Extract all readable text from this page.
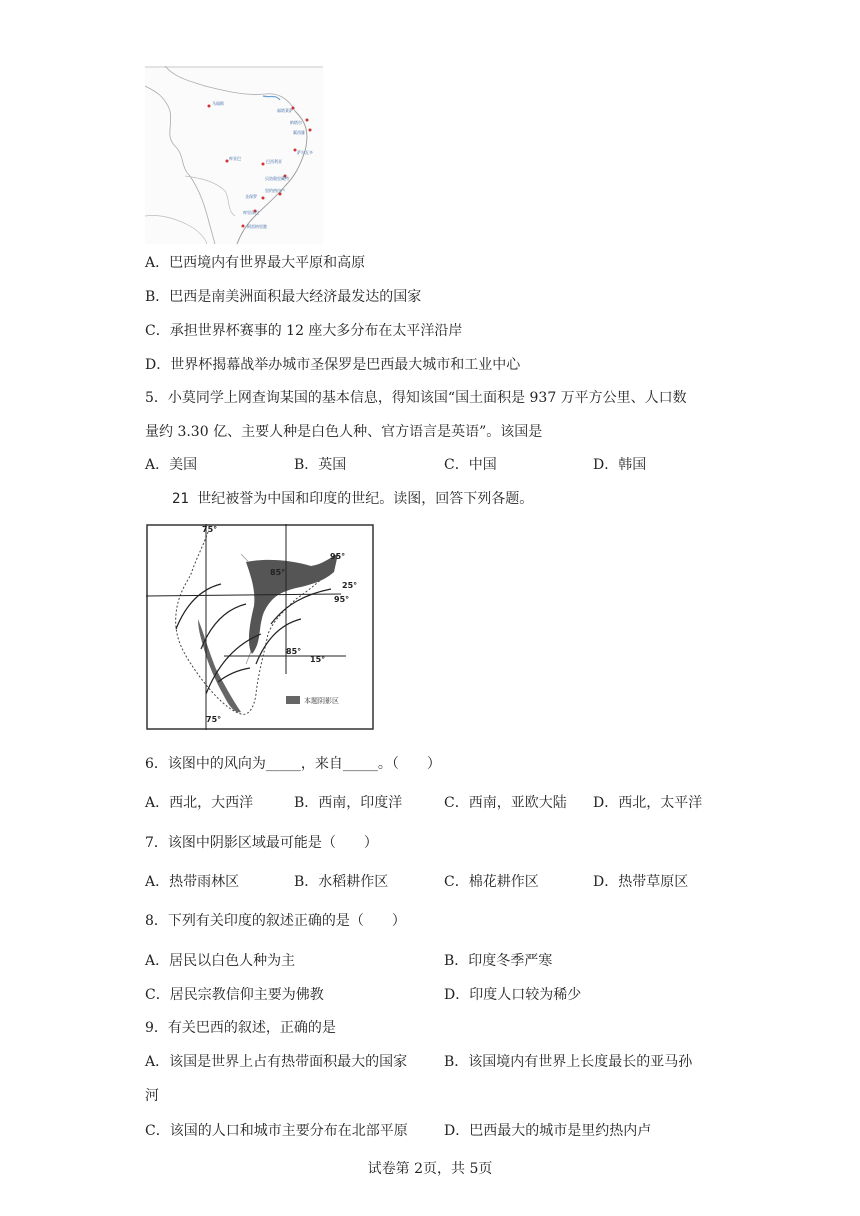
马瑙斯
福塔莱萨
纳塔尔
累西腓
萨尔瓦多
库亚巴
巴西利亚
贝洛奥里藏特
里约热内卢
圣保罗
库里蒂巴
阿雷格里港
A．巴西境内有世界最大平原和高原
B．巴西是南美洲面积最大经济最发达的国家
C．承担世界杯赛事的 12 座大多分布在太平洋沿岸
D．世界杯揭幕战举办城市圣保罗是巴西最大城市和工业中心
5．小莫同学上网查询某国的基本信息，得知该国“国土面积是 937 万平方公里、人口数
量约 3.30 亿、主要人种是白色人种、官方语言是英语”。该国是
A．美国	B．英国	C．中国	D．韩国
21 世纪被誉为中国和印度的世纪。读图，回答下列各题。
75°
85°
95°
25°
95°
85°
15°
75°
本题阴影区
6．该图中的风向为_____，来自_____。（　　）
A．西北，大西洋	B．西南，印度洋	C．西南，亚欧大陆 D．西北，太平洋
7．该图中阴影区域最可能是（　　）
A．热带雨林区	B．水稻耕作区	C．棉花耕作区	D．热带草原区
8．下列有关印度的叙述正确的是（　　）
A．居民以白色人种为主	B．印度冬季严寒
C．居民宗教信仰主要为佛教	D．印度人口较为稀少
9．有关巴西的叙述，正确的是
A．该国是世界上占有热带面积最大的国家	B．该国境内有世界上长度最长的亚马孙
河
C．该国的人口和城市主要分布在北部平原	D．巴西最大的城市是里约热内卢
试卷第 2页，共 5页
